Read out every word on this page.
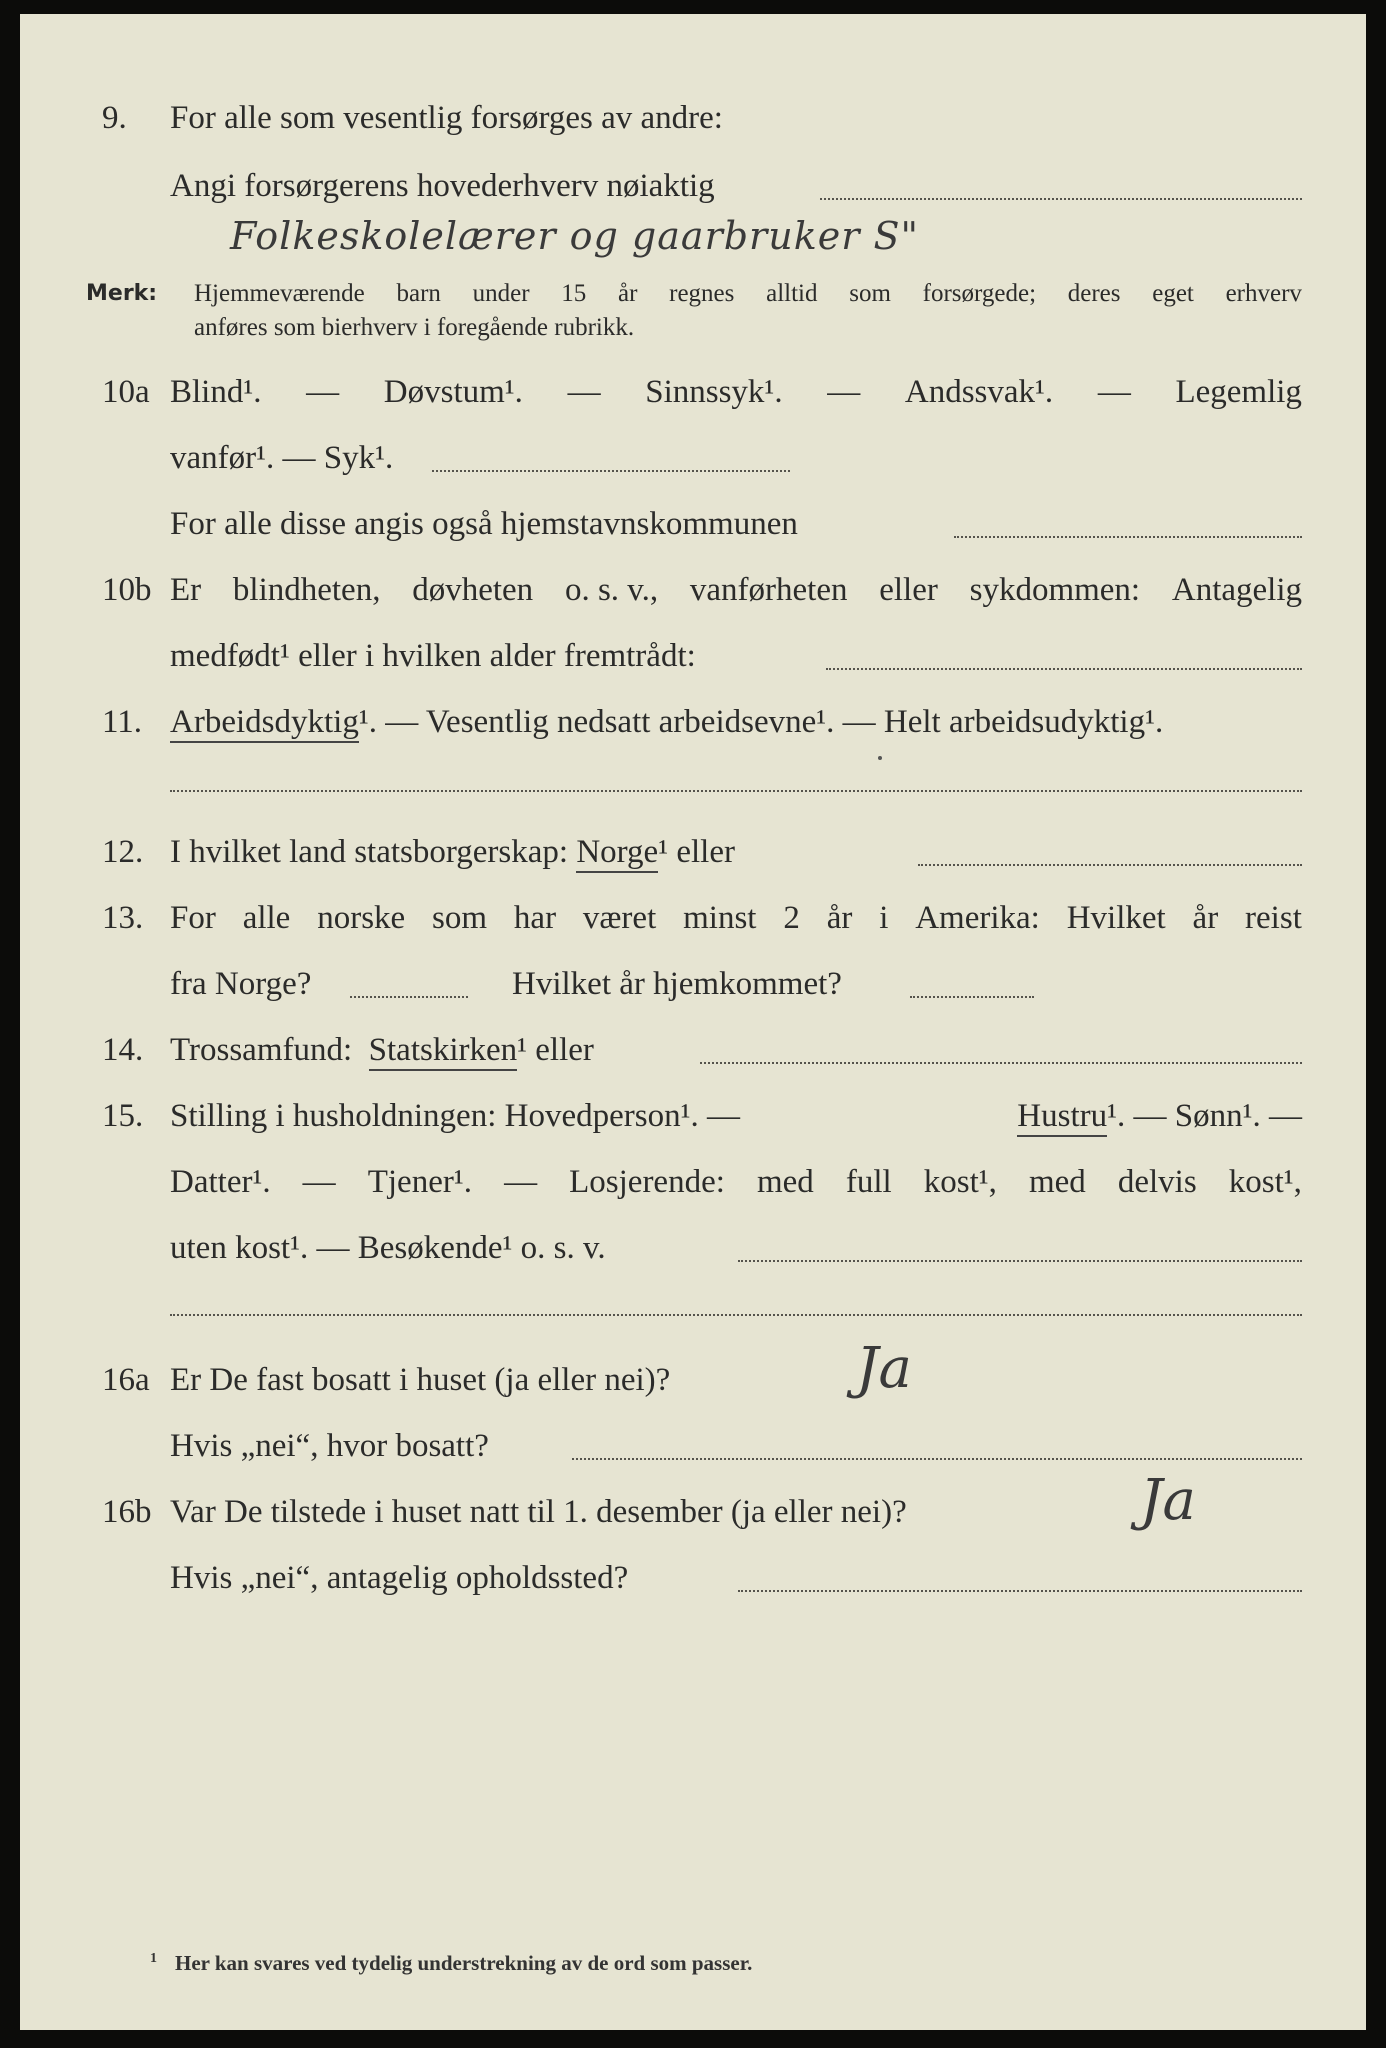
9. For alle som vesentlig forsørges av andre:
Angi forsørgerens hovederhverv nøiaktig
Folkeskolelærer og gaarbruker S"
Merk: Hjemmeværende barn under 15 år regnes alltid som forsørgede; deres eget erhverv
anføres som bierhverv i foregående rubrikk.
10a Blind¹. — Døvstum¹. — Sinnssyk¹. — Andssvak¹. — Legemlig
vanfør¹. — Syk¹.
For alle disse angis også hjemstavnskommunen
10b Er blindheten, døvheten o. s. v., vanførheten eller sykdommen: Antagelig
medfødt¹ eller i hvilken alder fremtrådt:
11. Arbeidsdyktig¹. — Vesentlig nedsatt arbeidsevne¹. — Helt arbeidsudyktig¹.
12. I hvilket land statsborgerskap: Norge¹ eller
13. For alle norske som har været minst 2 år i Amerika: Hvilket år reist
fra Norge?	Hvilket år hjemkommet?
14. Trossamfund: Statskirken¹ eller
15. Stilling i husholdningen: Hovedperson¹. —	Hustru¹. — Sønn¹. —
Datter¹. — Tjener¹. — Losjerende: med full kost¹, med delvis kost¹,
uten kost¹. — Besøkende¹ o. s. v.
16a Er De fast bosatt i huset (ja eller nei)?	Ja
Hvis „nei“, hvor bosatt?
16b Var De tilstede i huset natt til 1. desember (ja eller nei)?	Ja
Hvis „nei“, antagelig opholdssted?
$^1$ Her kan svares ved tydelig understrekning av de ord som passer.
